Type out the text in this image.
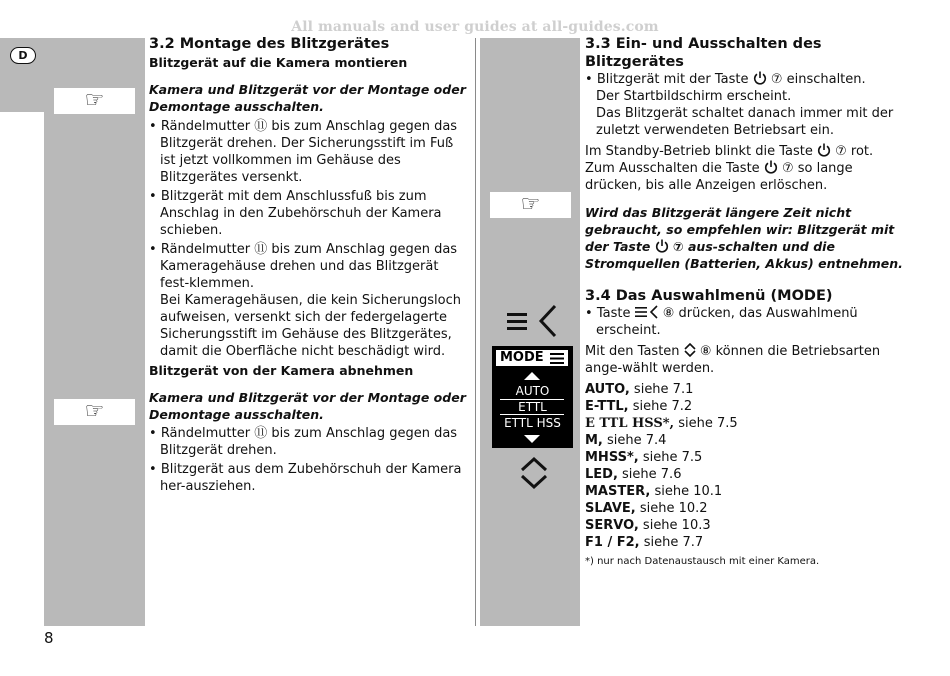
All manuals and user guides at all-guides.com
D
☞
☞
☞
MODE
AUTO
ETTL
ETTL HSS
3.2 Montage des Blitzgerätes
Blitzgerät auf die Kamera montieren
Kamera und Blitzgerät vor der Montage oder Demontage ausschalten.
• Rändelmutter ⑪ bis zum Anschlag gegen das Blitzgerät drehen. Der Sicherungsstift im Fuß ist jetzt vollkommen im Gehäuse des Blitzgerätes versenkt.
• Blitzgerät mit dem Anschlussfuß bis zum Anschlag in den Zubehörschuh der Kamera schieben.
• Rändelmutter ⑪ bis zum Anschlag gegen das Kameragehäuse drehen und das Blitzgerät fest-klemmen.
Bei Kameragehäusen, die kein Sicherungsloch aufweisen, versenkt sich der federgelagerte Sicherungsstift im Gehäuse des Blitzgerätes, damit die Oberfläche nicht beschädigt wird.
Blitzgerät von der Kamera abnehmen
Kamera und Blitzgerät vor der Montage oder Demontage ausschalten.
• Rändelmutter ⑪ bis zum Anschlag gegen das Blitzgerät drehen.
• Blitzgerät aus dem Zubehörschuh der Kamera her-ausziehen.
3.3 Ein- und Ausschalten des Blitzgerätes
• Blitzgerät mit der Taste ⑦ einschalten.
Der Startbildschirm erscheint.
Das Blitzgerät schaltet danach immer mit der zuletzt verwendeten Betriebsart ein.
Im Standby-Betrieb blinkt die Taste ⑦ rot.
Zum Ausschalten die Taste ⑦ so lange drücken, bis alle Anzeigen erlöschen.
Wird das Blitzgerät längere Zeit nicht gebraucht, so empfehlen wir: Blitzgerät mit der Taste ⑦ aus-schalten und die Stromquellen (Batterien, Akkus) entnehmen.
3.4 Das Auswahlmenü (MODE)
• Taste ⑧ drücken, das Auswahlmenü erscheint.
Mit den Tasten ⑧ können die Betriebsarten ange-wählt werden.
AUTO, siehe 7.1
E-TTL, siehe 7.2
E TTL HSS*, siehe 7.5
M, siehe 7.4
MHSS*, siehe 7.5
LED, siehe 7.6
MASTER, siehe 10.1
SLAVE, siehe 10.2
SERVO, siehe 10.3
F1 / F2, siehe 7.7
*) nur nach Datenaustausch mit einer Kamera.
8
